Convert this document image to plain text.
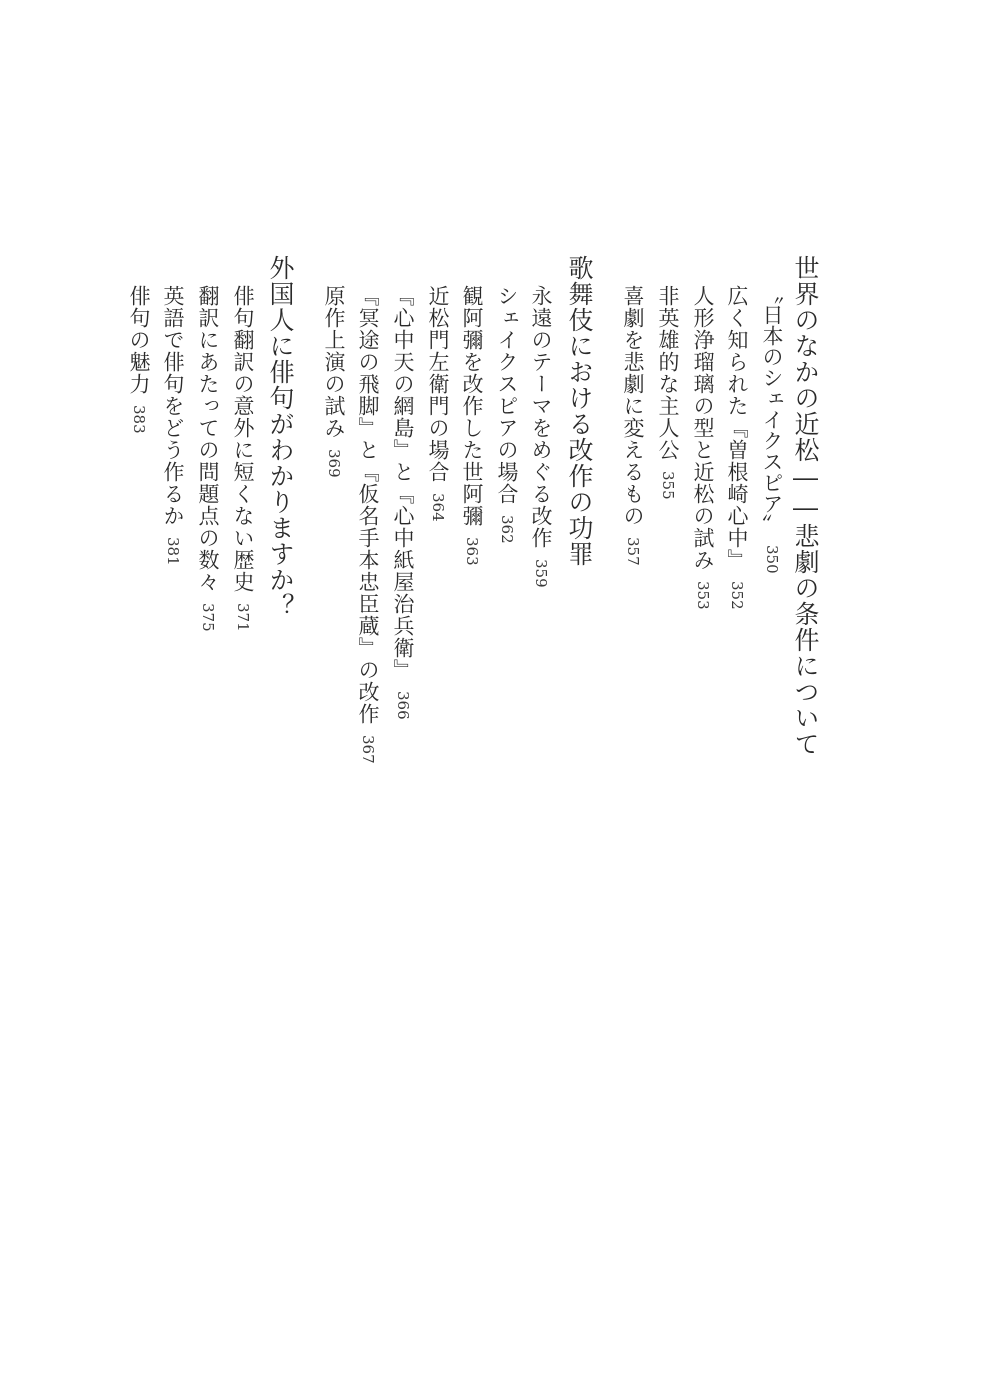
世界のなかの近松――悲劇の条件について
〝日本のシェイクスピア〟350
広く知られた『曽根崎心中』352
人形浄瑠璃の型と近松の試み353
非英雄的な主人公355
喜劇を悲劇に変えるもの357
歌舞伎における改作の功罪
永遠のテーマをめぐる改作359
シェイクスピアの場合362
観阿彌を改作した世阿彌363
近松門左衛門の場合364
『心中天の網島』と『心中紙屋治兵衛』366
『冥途の飛脚』と『仮名手本忠臣蔵』の改作367
原作上演の試み369
外国人に俳句がわかりますか？
俳句翻訳の意外に短くない歴史371
翻訳にあたっての問題点の数々375
英語で俳句をどう作るか381
俳句の魅力383
